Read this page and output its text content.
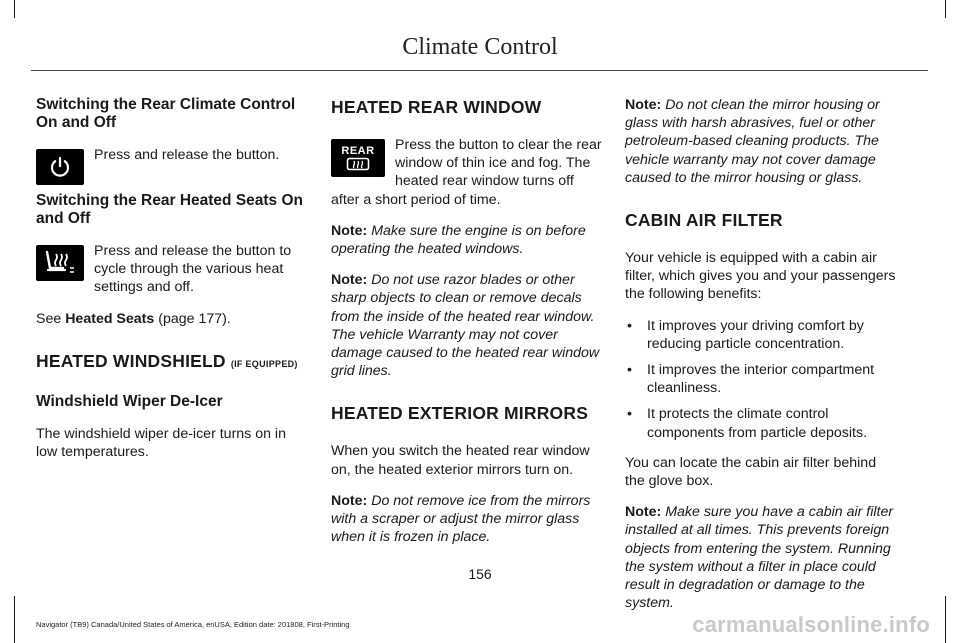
Climate Control
Switching the Rear Climate Control On and Off

Press and release the button.

Switching the Rear Heated Seats On and Off

Press and release the button to cycle through the various heat settings and off.

See Heated Seats (page 177).

HEATED WINDSHIELD (IF EQUIPPED)
Windshield Wiper De-Icer

The windshield wiper de-icer turns on in low temperatures.

HEATED REAR WINDOW
REAR	Press the button to clear the rear window of thin ice and fog. The heated rear window turns off after a short period of time.

Note: Make sure the engine is on before operating the heated windows.

Note: Do not use razor blades or other sharp objects to clean or remove decals from the inside of the heated rear window. The vehicle Warranty may not cover damage caused to the heated rear window grid lines.

HEATED EXTERIOR MIRRORS

When you switch the heated rear window on, the heated exterior mirrors turn on.

Note: Do not remove ice from the mirrors with a scraper or adjust the mirror glass when it is frozen in place.

Note: Do not clean the mirror housing or glass with harsh abrasives, fuel or other petroleum-based cleaning products. The vehicle warranty may not cover damage caused to the mirror housing or glass.

CABIN AIR FILTER

Your vehicle is equipped with a cabin air filter, which gives you and your passengers the following benefits:

• It improves your driving comfort by reducing particle concentration.
• It improves the interior compartment cleanliness.
• It protects the climate control components from particle deposits.

You can locate the cabin air filter behind the glove box.

Note: Make sure you have a cabin air filter installed at all times. This prevents foreign objects from entering the system. Running the system without a filter in place could result in degradation or damage to the system.

156
Navigator (TB9) Canada/United States of America, enUSA, Edition date: 201808, First-Printing	carmanualsonline.info
